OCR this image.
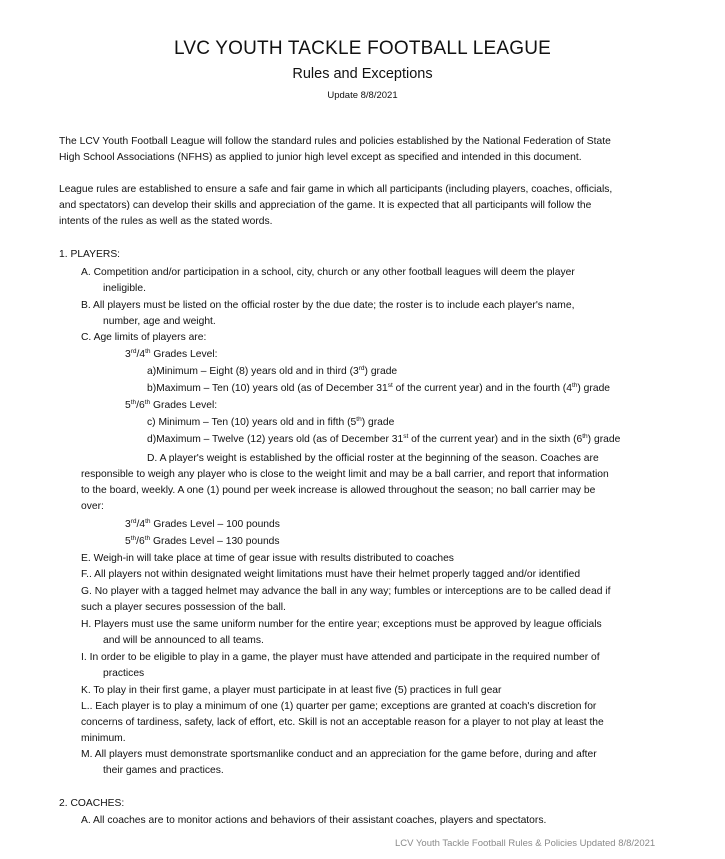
LVC YOUTH TACKLE FOOTBALL LEAGUE
Rules and Exceptions
Update 8/8/2021
The LCV Youth Football League will follow the standard rules and policies established by the National Federation of State
High School Associations (NFHS) as applied to junior high level except as specified and intended in this document.
League rules are established to ensure a safe and fair game in which all participants (including players, coaches, officials,
and spectators) can develop their skills and appreciation of the game. It is expected that all participants will follow the
intents of the rules as well as the stated words.
1. PLAYERS:
A. Competition and/or participation in a school, city, church or any other football leagues will deem the player
ineligible.
B. All players must be listed on the official roster by the due date; the roster is to include each player's name,
number, age and weight.
C. Age limits of players are:
3rd/4th Grades Level:
a)Minimum – Eight (8) years old and in third (3rd) grade
b)Maximum – Ten (10) years old (as of December 31st of the current year) and in the fourth (4th) grade
5th/6th Grades Level:
c) Minimum – Ten (10) years old and in fifth (5th) grade
d)Maximum – Twelve (12) years old (as of December 31st of the current year) and in the sixth (6th) grade
D. A player's weight is established by the official roster at the beginning of the season. Coaches are
responsible to weigh any player who is close to the weight limit and may be a ball carrier, and report that information
to the board, weekly. A one (1) pound per week increase is allowed throughout the season; no ball carrier may be
over:
3rd/4th Grades Level – 100 pounds
5th/6th Grades Level – 130 pounds
E. Weigh-in will take place at time of gear issue with results distributed to coaches
F.. All players not within designated weight limitations must have their helmet properly tagged and/or identified
G. No player with a tagged helmet may advance the ball in any way; fumbles or interceptions are to be called dead if
such a player secures possession of the ball.
H. Players must use the same uniform number for the entire year; exceptions must be approved by league officials
and will be announced to all teams.
I. In order to be eligible to play in a game, the player must have attended and participate in the required number of
practices
K. To play in their first game, a player must participate in at least five (5) practices in full gear
L.. Each player is to play a minimum of one (1) quarter per game; exceptions are granted at coach's discretion for
concerns of tardiness, safety, lack of effort, etc. Skill is not an acceptable reason for a player to not play at least the
minimum.
M. All players must demonstrate sportsmanlike conduct and an appreciation for the game before, during and after
their games and practices.
2. COACHES:
A. All coaches are to monitor actions and behaviors of their assistant coaches, players and spectators.
LCV Youth Tackle Football Rules & Policies Updated 8/8/2021
